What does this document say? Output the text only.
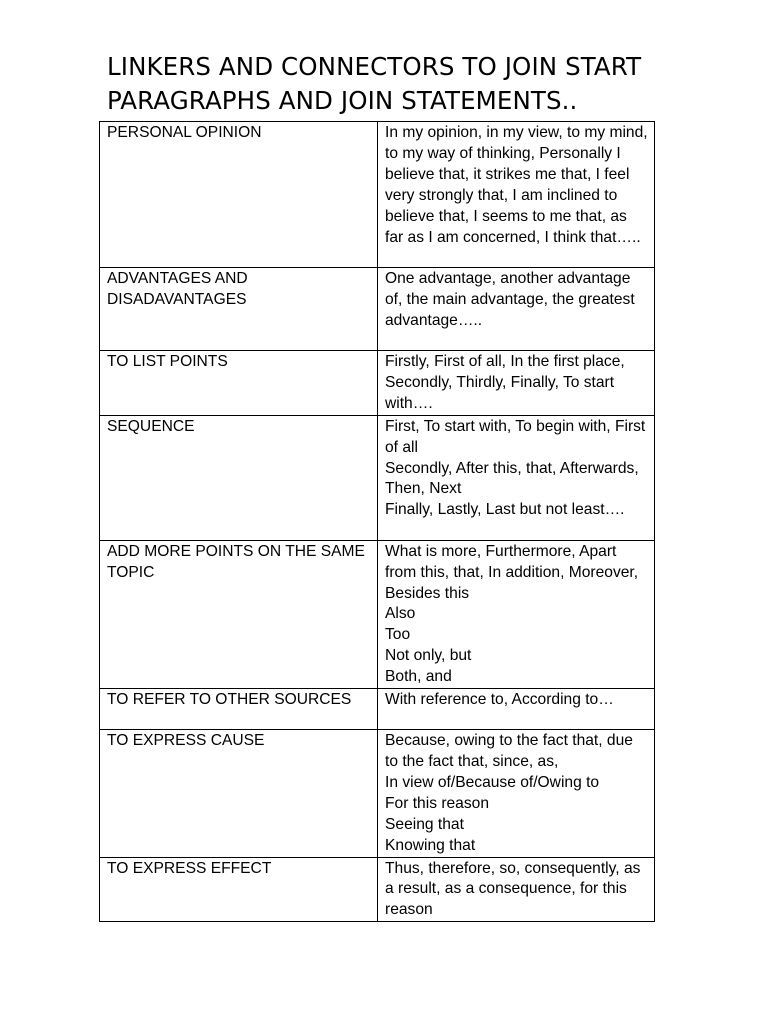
LINKERS AND CONNECTORS TO JOIN START
PARAGRAPHS AND JOIN STATEMENTS..
PERSONAL OPINION	In my opinion, in my view, to my mind, to my way of thinking, Personally I believe that, it strikes me that, I feel very strongly that, I am inclined to believe that, I seems to me that, as far as I am concerned, I think that…..
ADVANTAGES AND DISADAVANTAGES	One advantage, another advantage of, the main advantage, the greatest advantage…..
TO LIST POINTS	Firstly, First of all, In the first place, Secondly, Thirdly, Finally, To start with….
SEQUENCE	First, To start with, To begin with, First of all
Secondly, After this, that, Afterwards, Then, Next
Finally, Lastly, Last but not least….
ADD MORE POINTS ON THE SAME TOPIC	What is more, Furthermore, Apart from this, that, In addition, Moreover, Besides this
Also
Too
Not only, but
Both, and
TO REFER TO OTHER SOURCES	With reference to, According to…
TO EXPRESS CAUSE	Because, owing to the fact that, due to the fact that, since, as,
In view of/Because of/Owing to
For this reason
Seeing that
Knowing that
TO EXPRESS EFFECT	Thus, therefore, so, consequently, as a result, as a consequence, for this reason
